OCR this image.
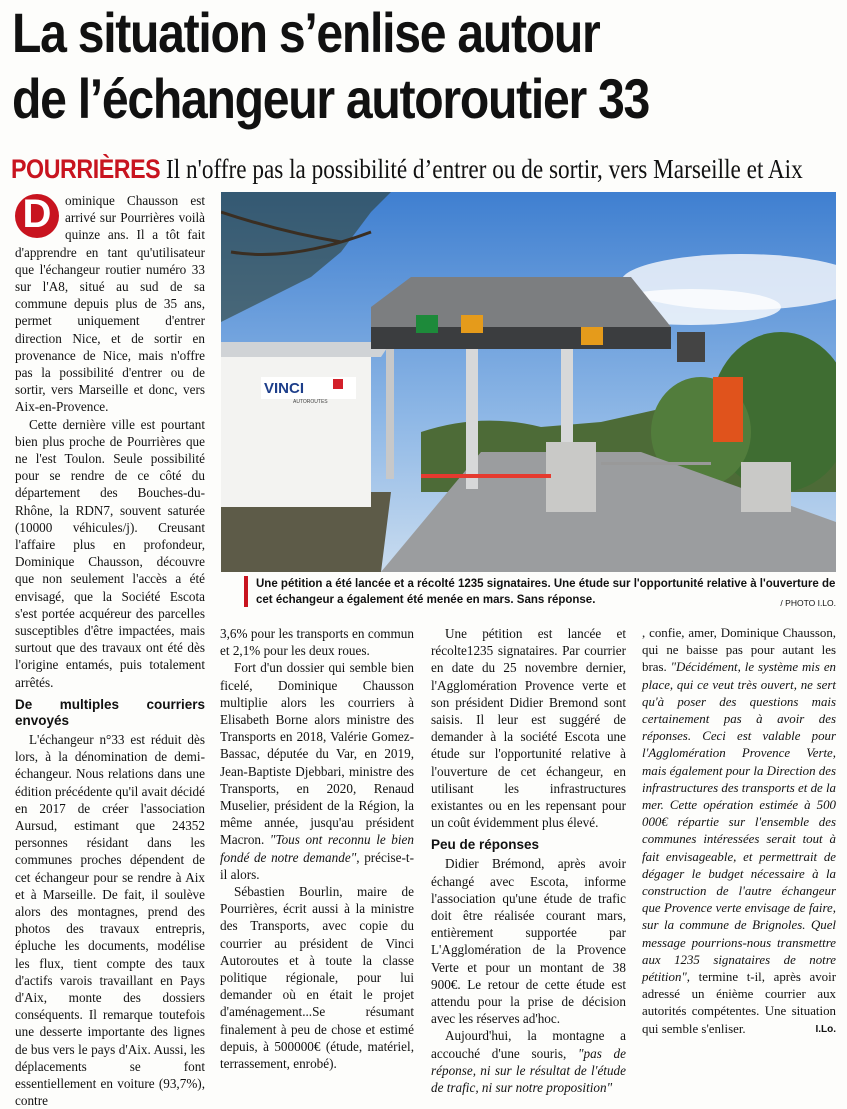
La situation s’enlise autour
de l’échangeur autoroutier 33
POURRIÈRES Il n'offre pas la possibilité d’entrer ou de sortir, vers Marseille et Aix
D	ominique Chausson est arrivé sur Pourrières voilà quinze ans. Il a tôt fait d'apprendre en tant qu'utilisateur que l'échangeur routier numéro 33 sur l'A8, situé au sud de sa commune depuis plus de 35 ans, permet uniquement d'entrer direction Nice, et de sortir en provenance de Nice, mais n'offre pas la possibilité d'entrer ou de sortir, vers Marseille et donc, vers Aix-en-Provence.

Cette dernière ville est pourtant bien plus proche de Pourrières que ne l'est Toulon. Seule possibilité pour se rendre de ce côté du département des Bouches-du-Rhône, la RDN7, souvent saturée (10000 véhicules/j). Creusant l'affaire plus en profondeur, Dominique Chausson, découvre que non seulement l'accès a été envisagé, que la Société Escota s'est portée acquéreur des parcelles susceptibles d'être impactées, mais surtout que des travaux ont été dès l'origine entamés, puis totalement arrêtés.

De multiples courriers envoyés

L'échangeur n°33 est réduit dès lors, à la dénomination de demi-échangeur. Nous relations dans une édition précédente qu'il avait décidé en 2017 de créer l'association Aursud, estimant que 24352 personnes résidant dans les communes proches dépendent de cet échangeur pour se rendre à Aix et à Marseille. De fait, il soulève alors des montagnes, prend des photos des travaux entrepris, épluche les documents, modélise les flux, tient compte des taux d'actifs varois travaillant en Pays d'Aix, monte des dossiers conséquents. Il remarque toutefois une desserte importante des lignes de bus vers le pays d'Aix. Aussi, les déplacements se font essentiellement en voiture (93,7%), contre

VINCI
AUTOROUTES
Une pétition a été lancée et a récolté 1235 signataires. Une étude sur l'opportunité relative à l'ouverture de cet échangeur a également été menée en mars. Sans réponse.	/ PHOTO I.LO.

3,6% pour les transports en commun et 2,1% pour les deux roues.

Fort d'un dossier qui semble bien ficelé, Dominique Chausson multiplie alors les courriers à Elisabeth Borne alors ministre des Transports en 2018, Valérie Gomez-Bassac, députée du Var, en 2019, Jean-Baptiste Djebbari, ministre des Transports, en 2020, Renaud Muselier, président de la Région, la même année, jusqu'au président Macron. "Tous ont reconnu le bien fondé de notre demande", précise-t-il alors.

Sébastien Bourlin, maire de Pourrières, écrit aussi à la ministre des Transports, avec copie du courrier au président de Vinci Autoroutes et à toute la classe politique régionale, pour lui demander où en était le projet d'aménagement...Se résumant finalement à peu de chose et estimé depuis, à 500000€ (étude, matériel, terrassement, enrobé).

Une pétition est lancée et récolte1235 signataires. Par courrier en date du 25 novembre dernier, l'Agglomération Provence verte et son président Didier Bremond sont saisis. Il leur est suggéré de demander à la société Escota une étude sur l'opportunité relative à l'ouverture de cet échangeur, en utilisant les infrastructures existantes ou en les repensant pour un coût évidemment plus élevé.

Peu de réponses

Didier Brémond, après avoir échangé avec Escota, informe l'association qu'une étude de trafic doit être réalisée courant mars, entièrement supportée par L'Agglomération de la Provence Verte et pour un montant de 38 900€. Le retour de cette étude est attendu pour la prise de décision avec les réserves ad'hoc.

Aujourd'hui, la montagne a accouché d'une souris, "pas de réponse, ni sur le résultat de l'étude de trafic, ni sur notre proposition"

, confie, amer, Dominique Chausson, qui ne baisse pas pour autant les bras. "Décidément, le système mis en place, qui ce veut très ouvert, ne sert qu'à poser des questions mais certainement pas à avoir des réponses. Ceci est valable pour l'Agglomération Provence Verte, mais également pour la Direction des infrastructures des transports et de la mer. Cette opération estimée à 500 000€ répartie sur l'ensemble des communes intéressées serait tout à fait envisageable, et permettrait de dégager le budget nécessaire à la construction de l'autre échangeur que Provence verte envisage de faire, sur la commune de Brignoles. Quel message pourrions-nous transmettre aux 1235 signataires de notre pétition", termine t-il, après avoir adressé un énième courrier aux autorités compétentes. Une situation qui semble s'enliser.	I.Lo.
